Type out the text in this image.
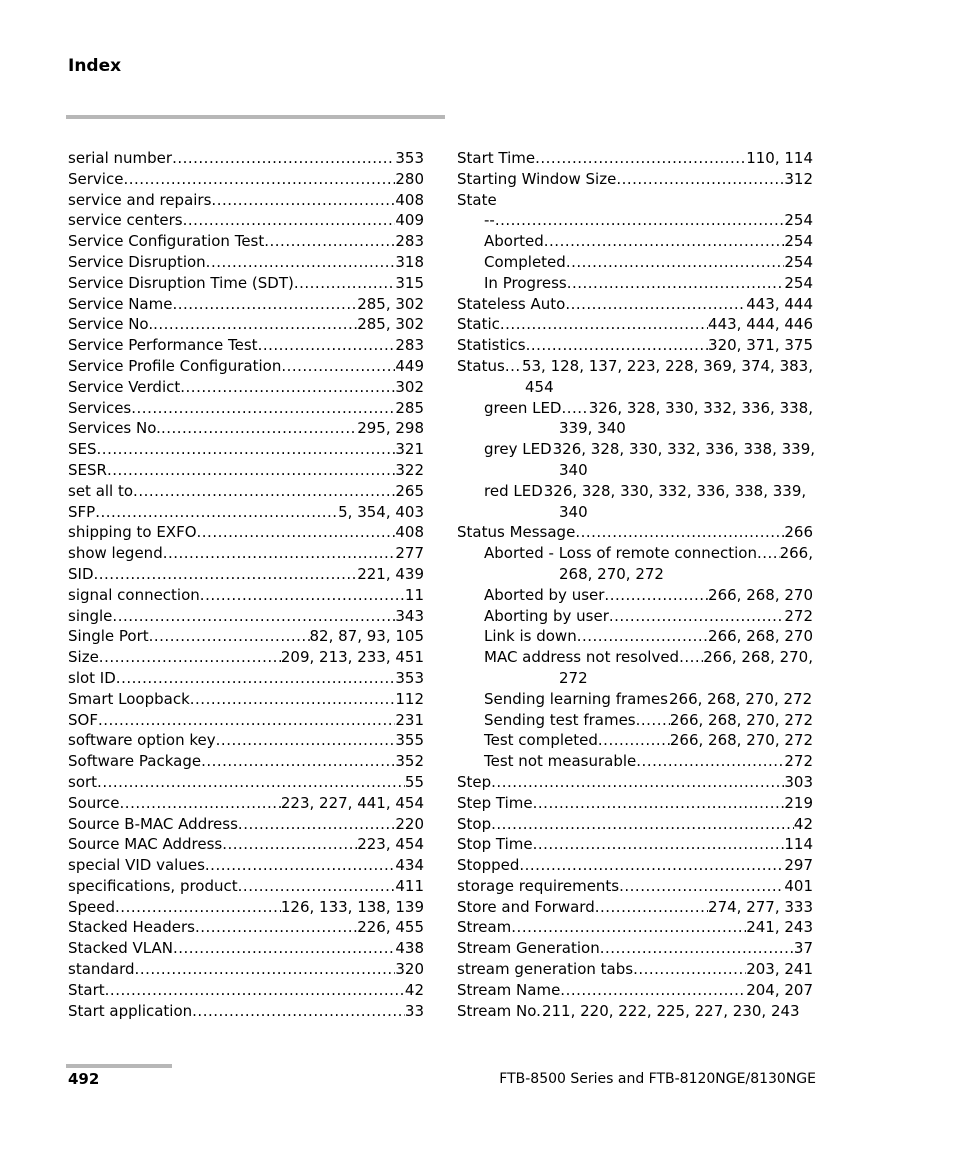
Index
serial number .....	353
Service .....	280
service and repairs .....	408
service centers .....	409
Service Configuration Test .....	283
Service Disruption .....	318
Service Disruption Time (SDT) .....	315
Service Name .....	285, 302
Service No. .....	285, 302
Service Performance Test .....	283
Service Profile Configuration .....	449
Service Verdict .....	302
Services .....	285
Services No. .....	295, 298
SES .....	321
SESR .....	322
set all to .....	265
SFP .....	5, 354, 403
shipping to EXFO .....	408
show legend .....	277
SID .....	221, 439
signal connection .....	11
single .....	343
Single Port .....	82, 87, 93, 105
Size .....	209, 213, 233, 451
slot ID .....	353
Smart Loopback .....	112
SOF .....	231
software option key .....	355
Software Package .....	352
sort .....	55
Source .....	223, 227, 441, 454
Source B-MAC Address .....	220
Source MAC Address .....	223, 454
special VID values .....	434
specifications, product .....	411
Speed .....	126, 133, 138, 139
Stacked Headers .....	226, 455
Stacked VLAN .....	438
standard .....	320
Start .....	42
Start application .....	33
Start Time .....	110, 114
Starting Window Size .....	312
State
-- .....	254
Aborted .....	254
Completed .....	254
In Progress .....	254
Stateless Auto .....	443, 444
Static .....	443, 444, 446
Statistics .....	320, 371, 375
Status ..... 53, 128, 137, 223, 228, 369, 374, 383,
454
green LED ..... 326, 328, 330, 332, 336, 338,
339, 340
grey LED 326, 328, 330, 332, 336, 338, 339,
340
red LED 326, 328, 330, 332, 336, 338, 339,
340
Status Message .....	266
Aborted - Loss of remote connection ..... 266,
268, 270, 272
Aborted by user .....	266, 268, 270
Aborting by user .....	272
Link is down .....	266, 268, 270
MAC address not resolved ..... 266, 268, 270,
272
Sending learning frames 266, 268, 270, 272
Sending test frames ..... 266, 268, 270, 272
Test completed .....	266, 268, 270, 272
Test not measurable .....	272
Step .....	303
Step Time .....	219
Stop .....	42
Stop Time .....	114
Stopped .....	297
storage requirements .....	401
Store and Forward .....	274, 277, 333
Stream .....	241, 243
Stream Generation .....	37
stream generation tabs .....	203, 241
Stream Name .....	204, 207
Stream No. 211, 220, 222, 225, 227, 230, 243
492	FTB-8500 Series and FTB-8120NGE/8130NGE
